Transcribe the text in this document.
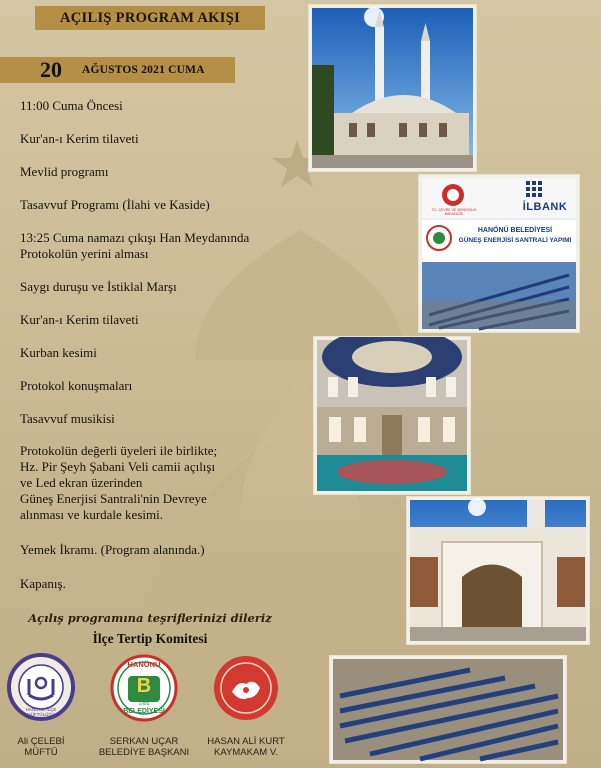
AÇILIŞ PROGRAM AKIŞI
20 AĞUSTOS 2021 CUMA
11:00 Cuma Öncesi
Kur'an-ı Kerim tilaveti
Mevlid programı
Tasavvuf Programı (İlahi ve Kaside)
13:25 Cuma namazı çıkışı Han Meydanında
Protokolün yerini alması
Saygı duruşu ve İstiklal Marşı
Kur'an-ı Kerim tilaveti
Kurban kesimi
Protokol konuşmaları
Tasavvuf musikisi
Protokolün değerli üyeleri ile birlikte;
Hz. Pir Şeyh Şabani Veli camii açılışı
ve Led ekran üzerinden
Güneş Enerjisi Santrali'nin Devreye
alınması ve kurdale kesimi.
Yemek İkramı. (Program alanında.)
Kapanış.
Açılış programına teşriflerinizi dileriz
İlçe Tertip Komitesi
T.C. ÇEVRE VE ŞEHİRCİLİK BAKANLIĞI
İLBANK
HANÖNÜ BELEDİYESİ
GÜNEŞ ENERJİSİ SANTRALİ YAPIMI
HANÖNÜ İLÇE MÜFTÜLÜĞÜ
HANÖNÜ
B
1985
BELEDİYESİ
Ali ÇELEBİ
MÜFTÜ
SERKAN UÇAR
BELEDİYE BAŞKANI
HASAN ALİ KURT
KAYMAKAM V.
